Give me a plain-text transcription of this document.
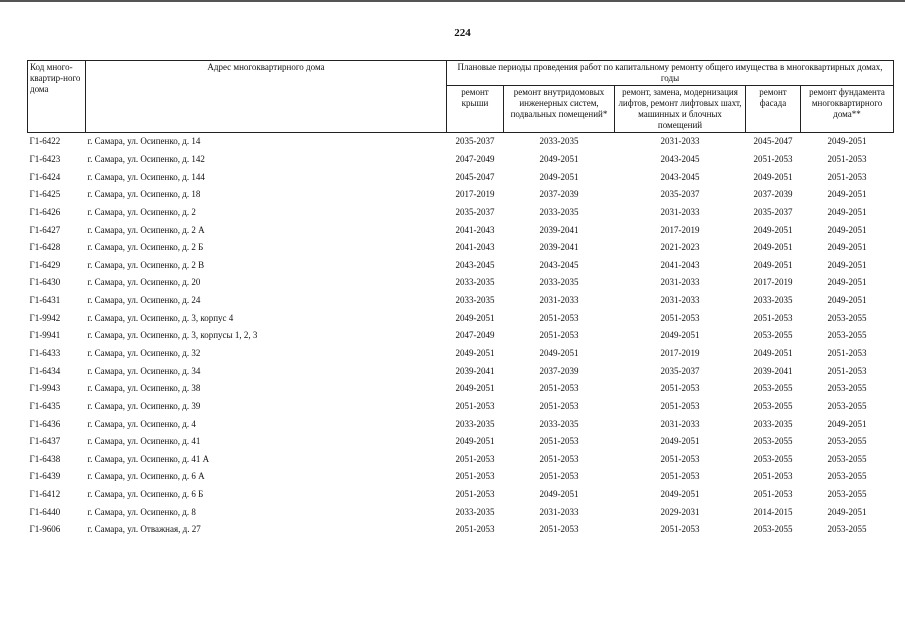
224
Код много-квартир-ного дома	Адрес многоквартирного дома	Плановые периоды проведения работ по капитальному ремонту общего имущества в многоквартирных домах, годы				
		ремонт крыши	ремонт внутридомовых инженерных систем, подвальных помещений*	ремонт, замена, модернизация лифтов, ремонт лифтовых шахт, машинных и блочных помещений	ремонт фасада	ремонт фундамента многоквартирного дома**
Г1-6422	г. Самара, ул. Осипенко, д. 14	2035-2037	2033-2035	2031-2033	2045-2047	2049-2051
Г1-6423	г. Самара, ул. Осипенко, д. 142	2047-2049	2049-2051	2043-2045	2051-2053	2051-2053
Г1-6424	г. Самара, ул. Осипенко, д. 144	2045-2047	2049-2051	2043-2045	2049-2051	2051-2053
Г1-6425	г. Самара, ул. Осипенко, д. 18	2017-2019	2037-2039	2035-2037	2037-2039	2049-2051
Г1-6426	г. Самара, ул. Осипенко, д. 2	2035-2037	2033-2035	2031-2033	2035-2037	2049-2051
Г1-6427	г. Самара, ул. Осипенко, д. 2 А	2041-2043	2039-2041	2017-2019	2049-2051	2049-2051
Г1-6428	г. Самара, ул. Осипенко, д. 2 Б	2041-2043	2039-2041	2021-2023	2049-2051	2049-2051
Г1-6429	г. Самара, ул. Осипенко, д. 2 В	2043-2045	2043-2045	2041-2043	2049-2051	2049-2051
Г1-6430	г. Самара, ул. Осипенко, д. 20	2033-2035	2033-2035	2031-2033	2017-2019	2049-2051
Г1-6431	г. Самара, ул. Осипенко, д. 24	2033-2035	2031-2033	2031-2033	2033-2035	2049-2051
Г1-9942	г. Самара, ул. Осипенко, д. 3, корпус 4	2049-2051	2051-2053	2051-2053	2051-2053	2053-2055
Г1-9941	г. Самара, ул. Осипенко, д. 3, корпусы 1, 2, 3	2047-2049	2051-2053	2049-2051	2053-2055	2053-2055
Г1-6433	г. Самара, ул. Осипенко, д. 32	2049-2051	2049-2051	2017-2019	2049-2051	2051-2053
Г1-6434	г. Самара, ул. Осипенко, д. 34	2039-2041	2037-2039	2035-2037	2039-2041	2051-2053
Г1-9943	г. Самара, ул. Осипенко, д. 38	2049-2051	2051-2053	2051-2053	2053-2055	2053-2055
Г1-6435	г. Самара, ул. Осипенко, д. 39	2051-2053	2051-2053	2051-2053	2053-2055	2053-2055
Г1-6436	г. Самара, ул. Осипенко, д. 4	2033-2035	2033-2035	2031-2033	2033-2035	2049-2051
Г1-6437	г. Самара, ул. Осипенко, д. 41	2049-2051	2051-2053	2049-2051	2053-2055	2053-2055
Г1-6438	г. Самара, ул. Осипенко, д. 41 А	2051-2053	2051-2053	2051-2053	2053-2055	2053-2055
Г1-6439	г. Самара, ул. Осипенко, д. 6 А	2051-2053	2051-2053	2051-2053	2051-2053	2053-2055
Г1-6412	г. Самара, ул. Осипенко, д. 6 Б	2051-2053	2049-2051	2049-2051	2051-2053	2053-2055
Г1-6440	г. Самара, ул. Осипенко, д. 8	2033-2035	2031-2033	2029-2031	2014-2015	2049-2051
Г1-9606	г. Самара, ул. Отважная, д. 27	2051-2053	2051-2053	2051-2053	2053-2055	2053-2055
